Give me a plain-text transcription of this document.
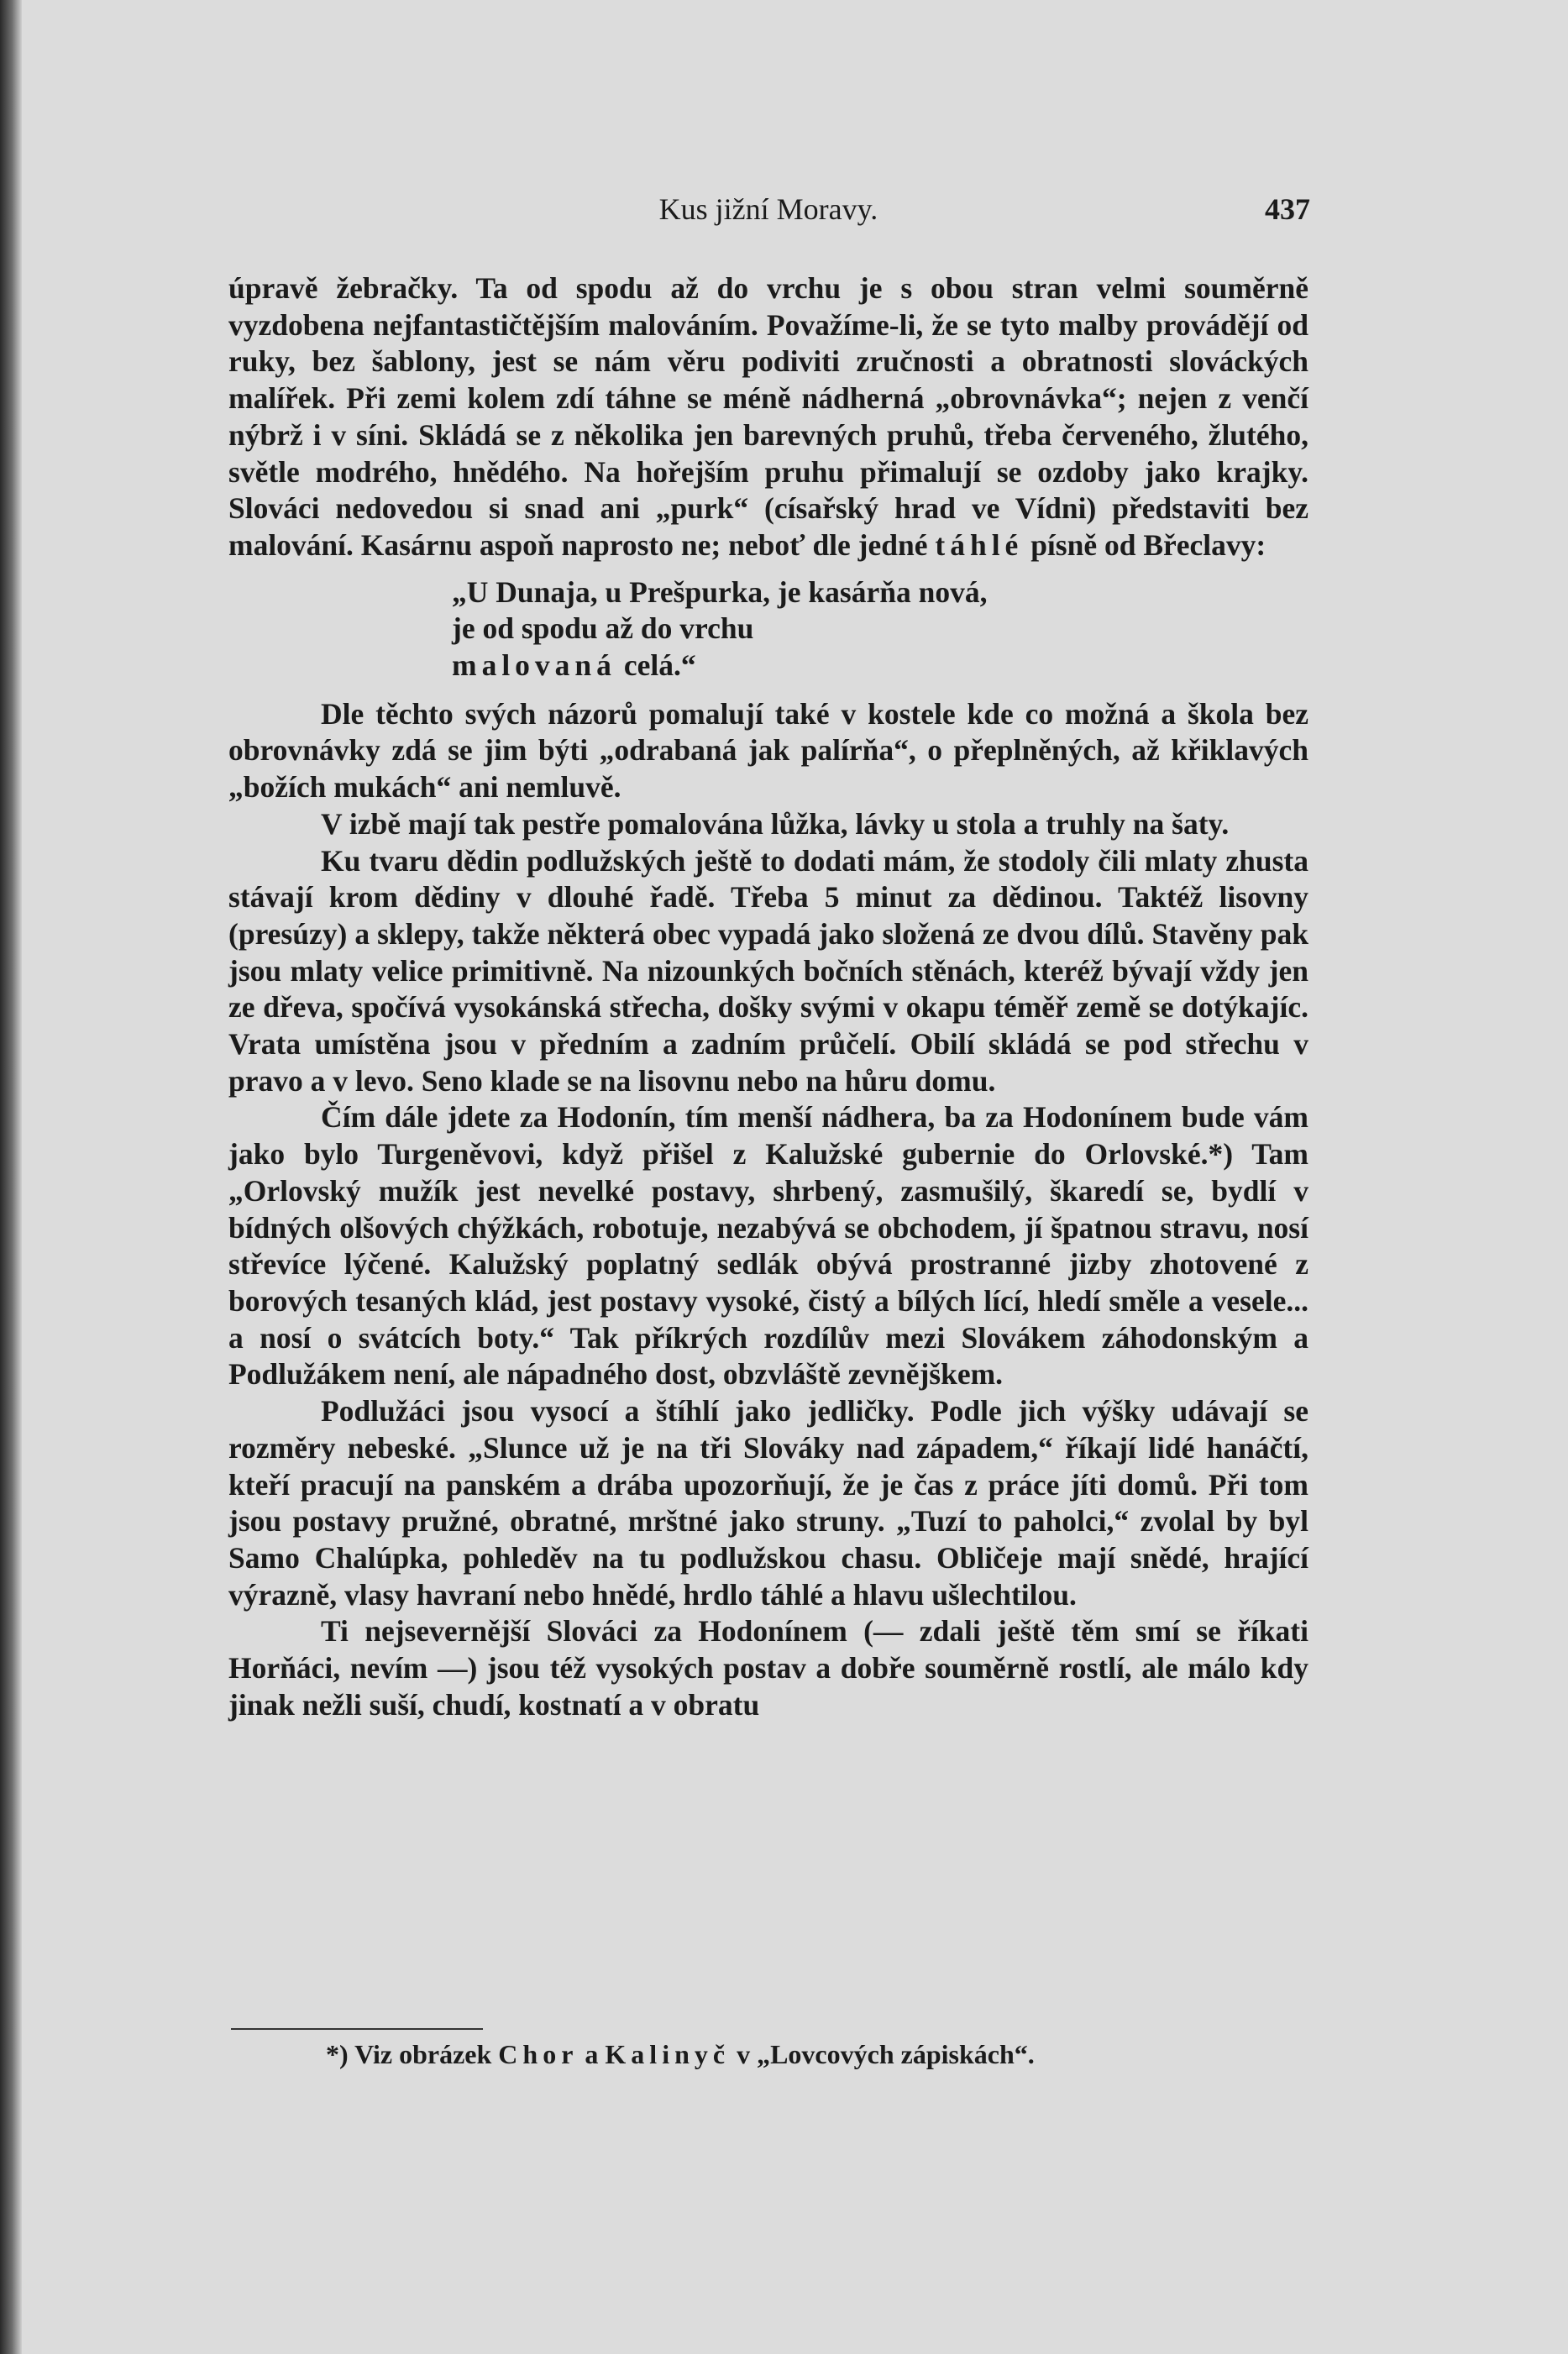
Kus jižní Moravy.	437

úpravě žebračky. Ta od spodu až do vrchu je s obou stran velmi souměrně vyzdobena nejfantastičtějším malováním. Považíme-li, že se tyto malby provádějí od ruky, bez šablony, jest se nám věru podiviti zručnosti a obratnosti slováckých malířek. Při zemi kolem zdí táhne se méně nádherná „obrovnávka“; nejen z venčí nýbrž i v síni. Skládá se z několika jen barevných pruhů, třeba červeného, žlutého, světle modrého, hnědého. Na hořejším pruhu přimalují se ozdoby jako krajky. Slováci nedovedou si snad ani „purk“ (císařský hrad ve Vídni) představiti bez malování. Kasárnu aspoň naprosto ne; neboť dle jedné táhlé písně od Břeclavy:

„U Dunaja, u Prešpurka, je kasárňa nová,
je od spodu až do vrchu
malovaná celá.“

Dle těchto svých názorů pomalují také v kostele kde co možná a škola bez obrovnávky zdá se jim býti „odrabaná jak palírňa“, o přeplněných, až křiklavých „božích mukách“ ani nemluvě.

V izbě mají tak pestře pomalována lůžka, lávky u stola a truhly na šaty.

Ku tvaru dědin podlužských ještě to dodati mám, že stodoly čili mlaty zhusta stávají krom dědiny v dlouhé řadě. Třeba 5 minut za dědinou. Taktéž lisovny (presúzy) a sklepy, takže některá obec vypadá jako složená ze dvou dílů. Stavěny pak jsou mlaty velice primitivně. Na nizounkých bočních stěnách, kteréž bývají vždy jen ze dřeva, spočívá vysokánská střecha, došky svými v okapu téměř země se dotýkajíc. Vrata umístěna jsou v předním a zadním průčelí. Obilí skládá se pod střechu v pravo a v levo. Seno klade se na lisovnu nebo na hůru domu.

Čím dále jdete za Hodonín, tím menší nádhera, ba za Hodonínem bude vám jako bylo Turgeněvovi, když přišel z Kalužské gubernie do Orlovské.*) Tam „Orlovský mužík jest nevelké postavy, shrbený, zasmušilý, škaredí se, bydlí v bídných olšových chýžkách, robotuje, nezabývá se obchodem, jí špatnou stravu, nosí střevíce lýčené. Kalužský poplatný sedlák obývá prostranné jizby zhotovené z borových tesaných klád, jest postavy vysoké, čistý a bílých lící, hledí směle a vesele... a nosí o svátcích boty.“ Tak příkrých rozdílův mezi Slovákem záhodonským a Podlužákem není, ale nápadného dost, obzvláště zevnějškem.

Podlužáci jsou vysocí a štíhlí jako jedličky. Podle jich výšky udávají se rozměry nebeské. „Slunce už je na tři Slováky nad západem,“ říkají lidé hanáčtí, kteří pracují na panském a drába upozorňují, že je čas z práce jíti domů. Při tom jsou postavy pružné, obratné, mrštné jako struny. „Tuzí to paholci,“ zvolal by byl Samo Chalúpka, pohleděv na tu podlužskou chasu. Obličeje mají snědé, hrající výrazně, vlasy havraní nebo hnědé, hrdlo táhlé a hlavu ušlechtilou.

Ti nejsevernější Slováci za Hodonínem (— zdali ještě těm smí se říkati Horňáci, nevím —) jsou též vysokých postav a dobře souměrně rostlí, ale málo kdy jinak nežli suší, chudí, kostnatí a v obratu

*) Viz obrázek Chor a Kalinyč v „Lovcových zápiskách“.
